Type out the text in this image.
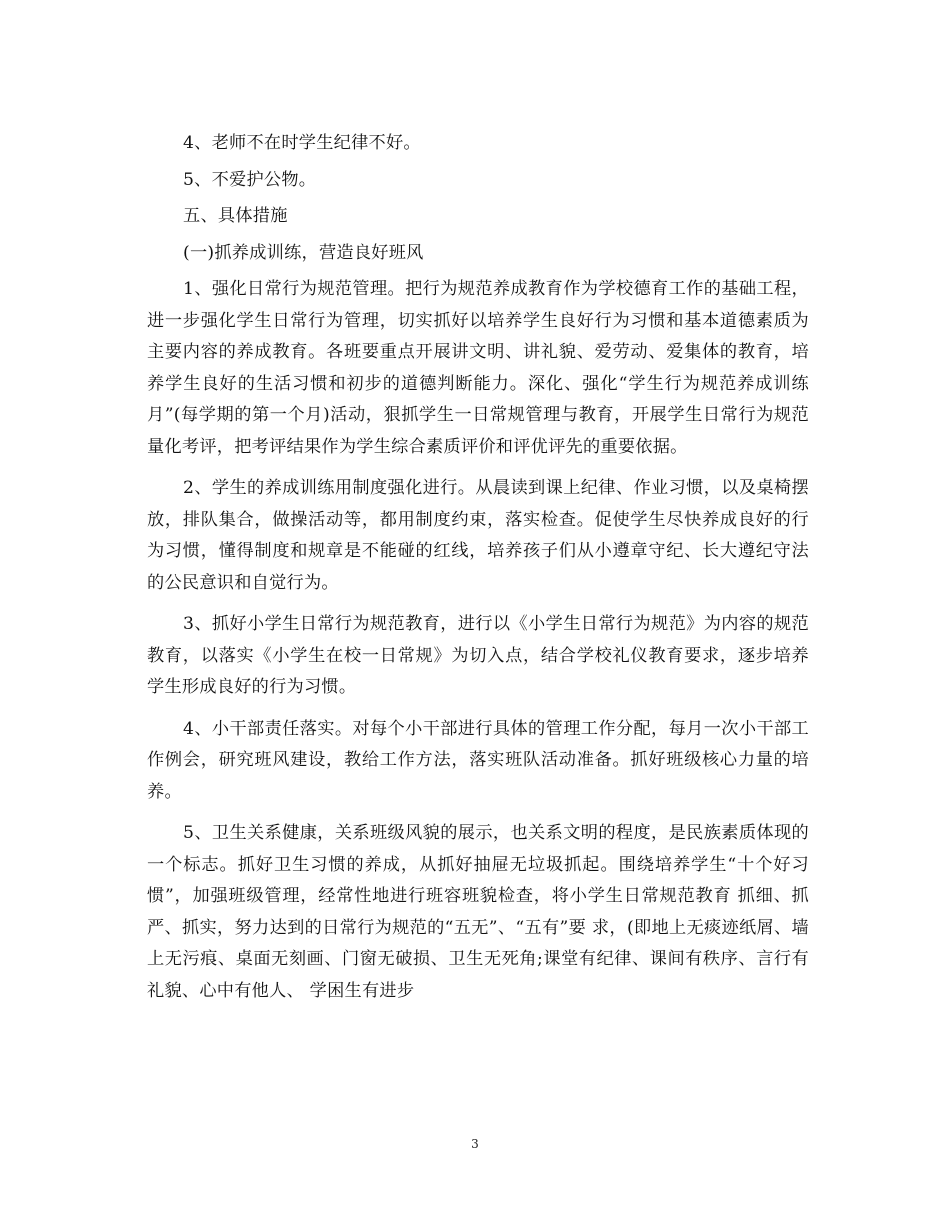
4、老师不在时学生纪律不好。

5、不爱护公物。

五、具体措施

(一)抓养成训练，营造良好班风

1、强化日常行为规范管理。把行为规范养成教育作为学校德育工作的基础工程，进一步强化学生日常行为管理，切实抓好以培养学生良好行为习惯和基本道德素质为主要内容的养成教育。各班要重点开展讲文明、讲礼貌、爱劳动、爱集体的教育，培养学生良好的生活习惯和初步的道德判断能力。深化、强化“学生行为规范养成训练月”(每学期的第一个月)活动，狠抓学生一日常规管理与教育，开展学生日常行为规范量化考评，把考评结果作为学生综合素质评价和评优评先的重要依据。

2、学生的养成训练用制度强化进行。从晨读到课上纪律、作业习惯，以及桌椅摆放，排队集合，做操活动等，都用制度约束，落实检查。促使学生尽快养成良好的行为习惯，懂得制度和规章是不能碰的红线，培养孩子们从小遵章守纪、长大遵纪守法的公民意识和自觉行为。

3、抓好小学生日常行为规范教育，进行以《小学生日常行为规范》为内容的规范教育，以落实《小学生在校一日常规》为切入点，结合学校礼仪教育要求，逐步培养学生形成良好的行为习惯。

4、小干部责任落实。对每个小干部进行具体的管理工作分配，每月一次小干部工作例会，研究班风建设，教给工作方法，落实班队活动准备。抓好班级核心力量的培养。

5、卫生关系健康，关系班级风貌的展示，也关系文明的程度，是民族素质体现的一个标志。抓好卫生习惯的养成，从抓好抽屉无垃圾抓起。围绕培养学生“十个好习惯”，加强班级管理，经常性地进行班容班貌检查，将小学生日常规范教育 抓细、抓严、抓实，努力达到的日常行为规范的“五无”、“五有”要 求，(即地上无痰迹纸屑、墙上无污痕、桌面无刻画、门窗无破损、卫生无死角;课堂有纪律、课间有秩序、言行有礼貌、心中有他人、 学困生有进步

3
